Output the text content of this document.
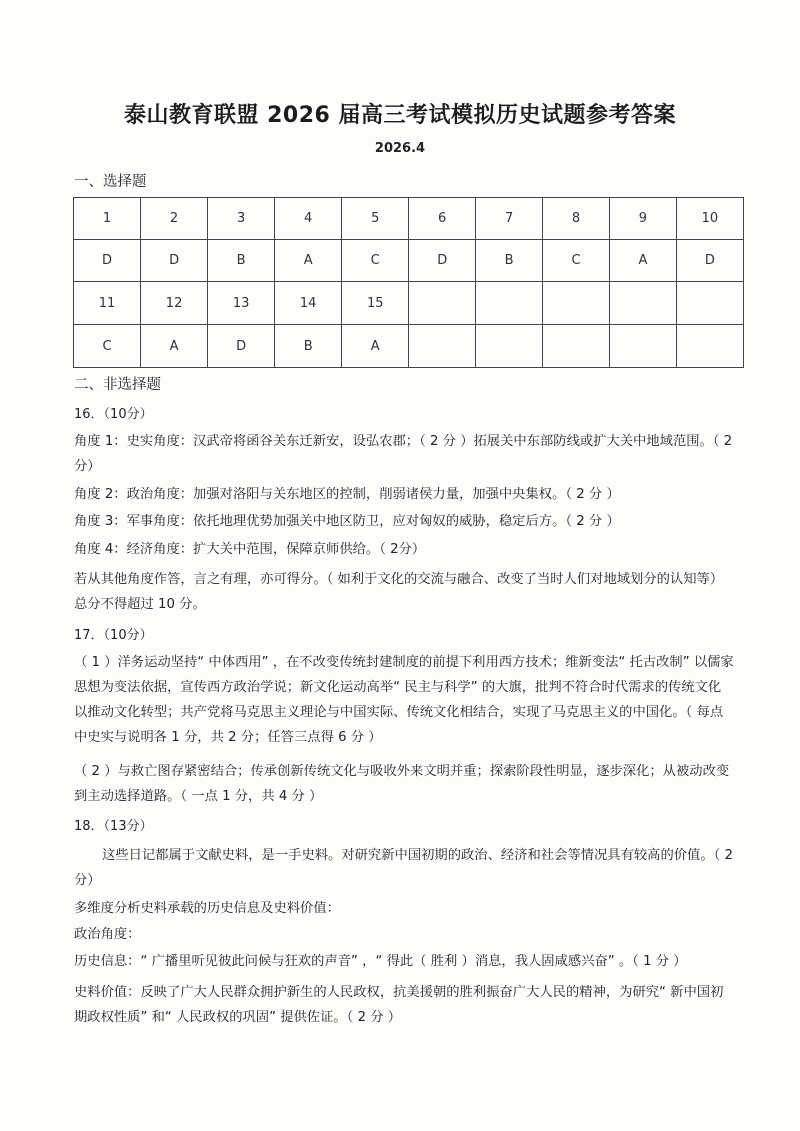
泰山教育联盟 2026 届高三考试模拟历史试题参考答案
2026.4
一、选择题
1	2	3	4	5	6	7	8	9	10
D	D	B	A	C	D	B	C	A	D
11	12	13	14	15					
C	A	D	B	A					
二、非选择题
16．（10分）
角度 1：史实角度：汉武帝将函谷关东迁新安，设弘农郡；（ 2 分 ）拓展关中东部防线或扩大关中地域范围。（ 2分）
角度 2：政治角度：加强对洛阳与关东地区的控制，削弱诸侯力量，加强中央集权。（ 2 分 ）
角度 3：军事角度：依托地理优势加强关中地区防卫，应对匈奴的威胁，稳定后方。（ 2 分 ）
角度 4：经济角度：扩大关中范围，保障京师供给。（ 2分）
若从其他角度作答，言之有理，亦可得分。（ 如利于文化的交流与融合、改变了当时人们对地域划分的认知等）总分不得超过 10 分。
17．（10分）
（ 1 ）洋务运动坚持“ 中体西用” ，在不改变传统封建制度的前提下利用西方技术；维新变法“ 托古改制” 以儒家思想为变法依据，宣传西方政治学说；新文化运动高举“ 民主与科学” 的大旗，批判不符合时代需求的传统文化以推动文化转型；共产党将马克思主义理论与中国实际、传统文化相结合，实现了马克思主义的中国化。（ 每点中史实与说明各 1 分，共 2 分；任答三点得 6 分 ）
（ 2 ）与救亡图存紧密结合；传承创新传统文化与吸收外来文明并重；探索阶段性明显，逐步深化；从被动改变到主动选择道路。（ 一点 1 分，共 4 分 ）
18．（13分）
这些日记都属于文献史料，是一手史料。对研究新中国初期的政治、经济和社会等情况具有较高的价值。（ 2分）
多维度分析史料承载的历史信息及史料价值：
政治角度：
历史信息：“ 广播里听见彼此问候与狂欢的声音” ，“ 得此（ 胜利 ）消息，我人固咸感兴奋” 。（ 1 分 ）
史料价值：反映了广大人民群众拥护新生的人民政权，抗美援朝的胜利振奋广大人民的精神，为研究“ 新中国初期政权性质” 和“ 人民政权的巩固” 提供佐证。（ 2 分 ）
